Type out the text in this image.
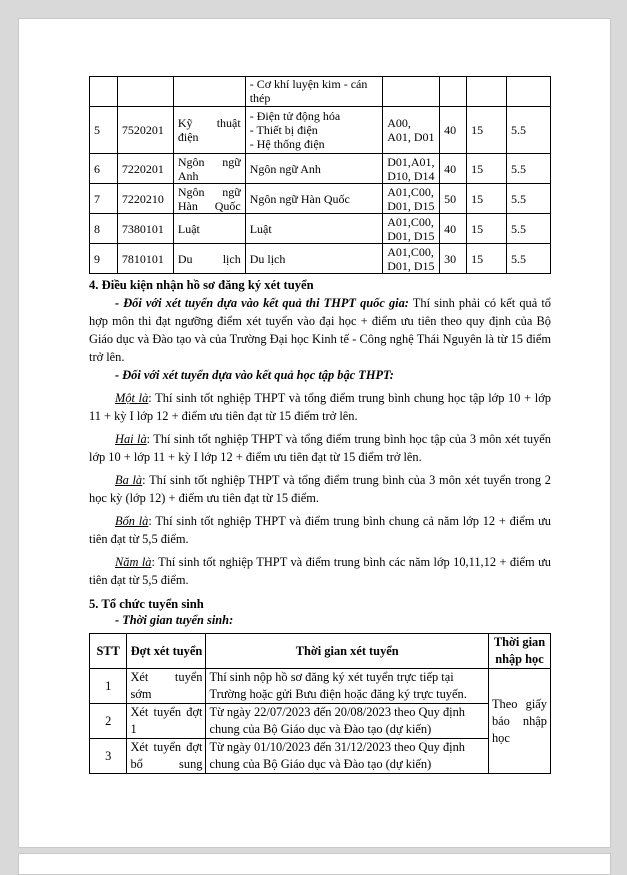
			- Cơ khí luyện kim - cán thép				

5	7520201	Kỹ thuật điện	- Điện tử động hóa
- Thiết bị điện
- Hệ thống điện	A00, A01, D01	40	15	5.5
6	7220201	Ngôn ngữ Anh	Ngôn ngữ Anh	D01,A01, D10, D14	40	15	5.5
7	7220210	Ngôn ngữ Hàn Quốc	Ngôn ngữ Hàn Quốc	A01,C00, D01, D15	50	15	5.5
8	7380101	Luật	Luật	A01,C00, D01, D15	40	15	5.5
9	7810101	Du lịch	Du lịch	A01,C00, D01, D15	30	15	5.5
4. Điều kiện nhận hồ sơ đăng ký xét tuyển

- Đối với xét tuyển dựa vào kết quả thi THPT quốc gia: Thí sinh phải có kết quả tổ hợp môn thi đạt ngưỡng điểm xét tuyển vào đại học + điểm ưu tiên theo quy định của Bộ Giáo dục và Đào tạo và của Trường Đại học Kinh tế - Công nghệ Thái Nguyên là từ 15 điểm trở lên.

- Đối với xét tuyển dựa vào kết quả học tập bậc THPT:

Một là: Thí sinh tốt nghiệp THPT và tổng điểm trung bình chung học tập lớp 10 + lớp 11 + kỳ I lớp 12 + điểm ưu tiên đạt từ 15 điểm trở lên.

Hai là: Thí sinh tốt nghiệp THPT và tổng điểm trung bình học tập của 3 môn xét tuyển lớp 10 + lớp 11 + kỳ I lớp 12 + điểm ưu tiên đạt từ 15 điểm trở lên.

Ba là: Thí sinh tốt nghiệp THPT và tổng điểm trung bình của 3 môn xét tuyển trong 2 học kỳ (lớp 12) + điểm ưu tiên đạt từ 15 điểm.

Bốn là: Thí sinh tốt nghiệp THPT và điểm trung bình chung cả năm lớp 12 + điểm ưu tiên đạt từ 5,5 điểm.

Năm là: Thí sinh tốt nghiệp THPT và điểm trung bình các năm lớp 10,11,12 + điểm ưu tiên đạt từ 5,5 điểm.

5. Tổ chức tuyển sinh

- Thời gian tuyển sinh:

STT	Đợt xét tuyển	Thời gian xét tuyển	Thời gian nhập học
1	Xét tuyển sớm	Thí sinh nộp hồ sơ đăng ký xét tuyển trực tiếp tại Trường hoặc gửi Bưu điện hoặc đăng ký trực tuyến.	Theo giấy báo nhập học
2	Xét tuyển đợt 1	Từ ngày 22/07/2023 đến 20/08/2023 theo Quy định chung của Bộ Giáo dục và Đào tạo (dự kiến)	
3	Xét tuyển đợt bổ sung	Từ ngày 01/10/2023 đến 31/12/2023 theo Quy định chung của Bộ Giáo dục và Đào tạo (dự kiến)	
